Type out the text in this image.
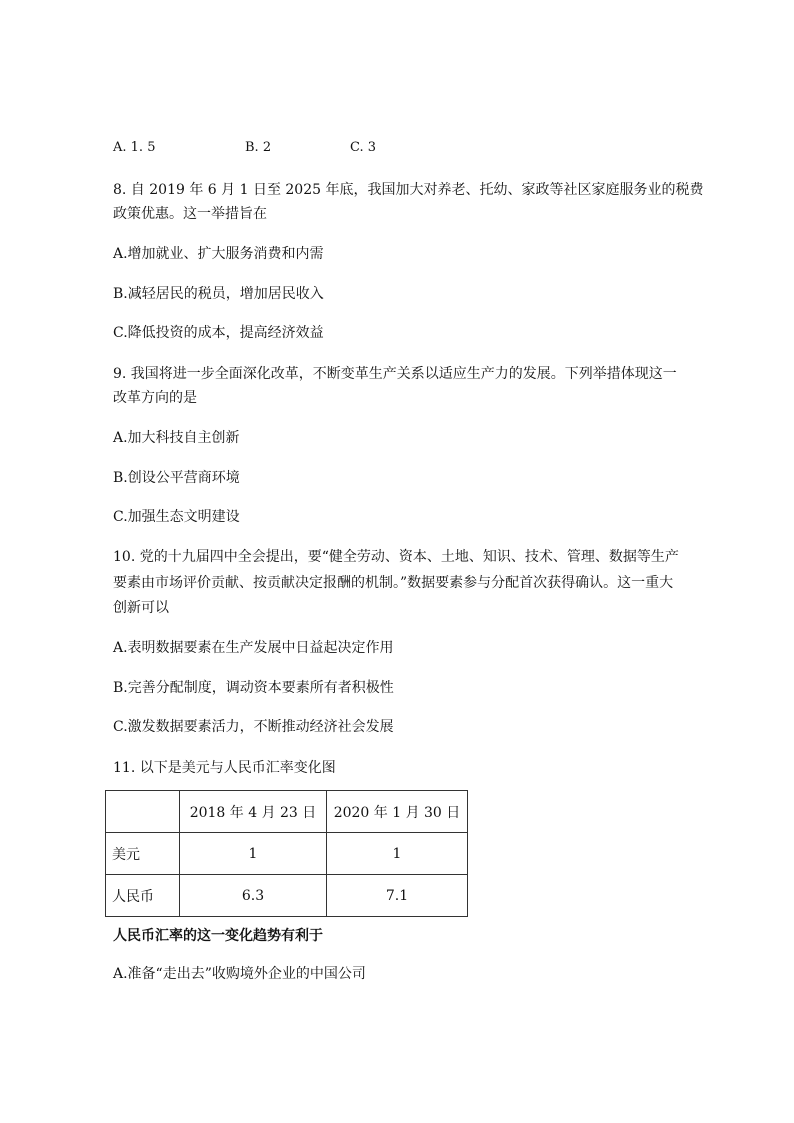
A. 1. 5	B. 2	C. 3
8. 自 2019 年 6 月 1 日至 2025 年底，我国加大对养老、托幼、家政等社区家庭服务业的税费
政策优惠。这一举措旨在
A.增加就业、扩大服务消费和内需
B.减轻居民的税员，增加居民收入
C.降低投资的成本，提高经济效益
9. 我国将进一步全面深化改革，不断变革生产关系以适应生产力的发展。下列举措体现这一
改革方向的是
A.加大科技自主创新
B.创设公平营商环境
C.加强生态文明建设
10. 党的十九届四中全会提出，要“健全劳动、资本、土地、知识、技术、管理、数据等生产
要素由市场评价贡献、按贡献决定报酬的机制。”数据要素参与分配首次获得确认。这一重大
创新可以
A.表明数据要素在生产发展中日益起决定作用
B.完善分配制度，调动资本要素所有者积极性
C.激发数据要素活力，不断推动经济社会发展
11. 以下是美元与人民币汇率变化图
	2018 年 4 月 23 日	2020 年 1 月 30 日
美元	1	1
人民币	6.3	7.1
人民币汇率的这一变化趋势有利于
A.准备“走出去”收购境外企业的中国公司
